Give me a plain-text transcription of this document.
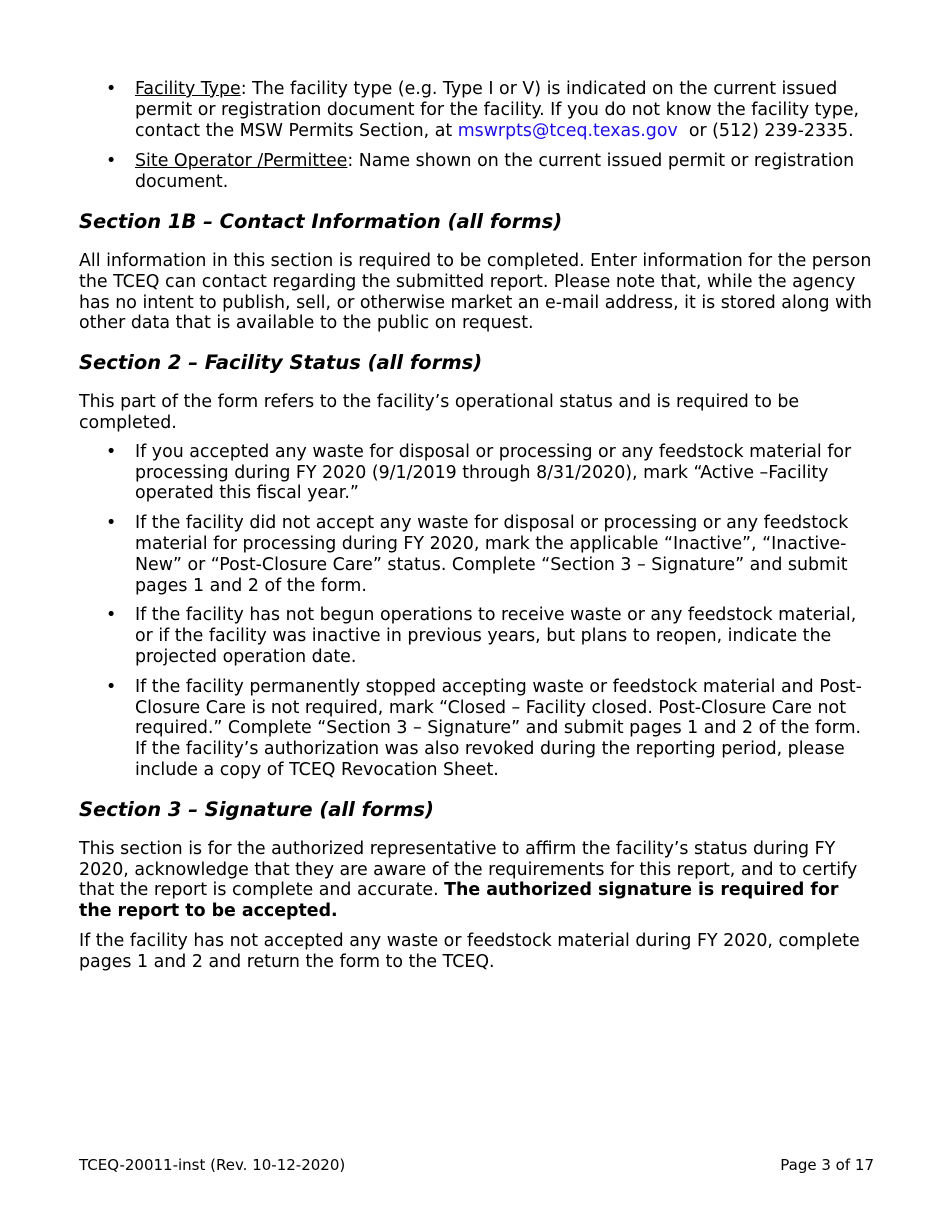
• Facility Type: The facility type (e.g. Type I or V) is indicated on the current issued permit or registration document for the facility. If you do not know the facility type, contact the MSW Permits Section, at mswrpts@tceq.texas.gov  or (512) 239-2335.
• Site Operator /Permittee: Name shown on the current issued permit or registration document.
Section 1B – Contact Information (all forms)

All information in this section is required to be completed. Enter information for the person the TCEQ can contact regarding the submitted report. Please note that, while the agency has no intent to publish, sell, or otherwise market an e-mail address, it is stored along with other data that is available to the public on request.

Section 2 – Facility Status (all forms)

This part of the form refers to the facility’s operational status and is required to be completed.

• If you accepted any waste for disposal or processing or any feedstock material for processing during FY 2020 (9/1/2019 through 8/31/2020), mark “Active –Facility operated this fiscal year.”
• If the facility did not accept any waste for disposal or processing or any feedstock material for processing during FY 2020, mark the applicable “Inactive”, “Inactive-New” or “Post-Closure Care” status. Complete “Section 3 – Signature” and submit pages 1 and 2 of the form.
• If the facility has not begun operations to receive waste or any feedstock material, or if the facility was inactive in previous years, but plans to reopen, indicate the projected operation date.
• If the facility permanently stopped accepting waste or feedstock material and Post-Closure Care is not required, mark “Closed – Facility closed. Post-Closure Care not required.” Complete “Section 3 – Signature” and submit pages 1 and 2 of the form. If the facility’s authorization was also revoked during the reporting period, please include a copy of TCEQ Revocation Sheet.
Section 3 – Signature (all forms)

This section is for the authorized representative to affirm the facility’s status during FY 2020, acknowledge that they are aware of the requirements for this report, and to certify that the report is complete and accurate. The authorized signature is required for the report to be accepted.

If the facility has not accepted any waste or feedstock material during FY 2020, complete pages 1 and 2 and return the form to the TCEQ.

TCEQ-20011-inst (Rev. 10-12-2020)	Page 3 of 17
